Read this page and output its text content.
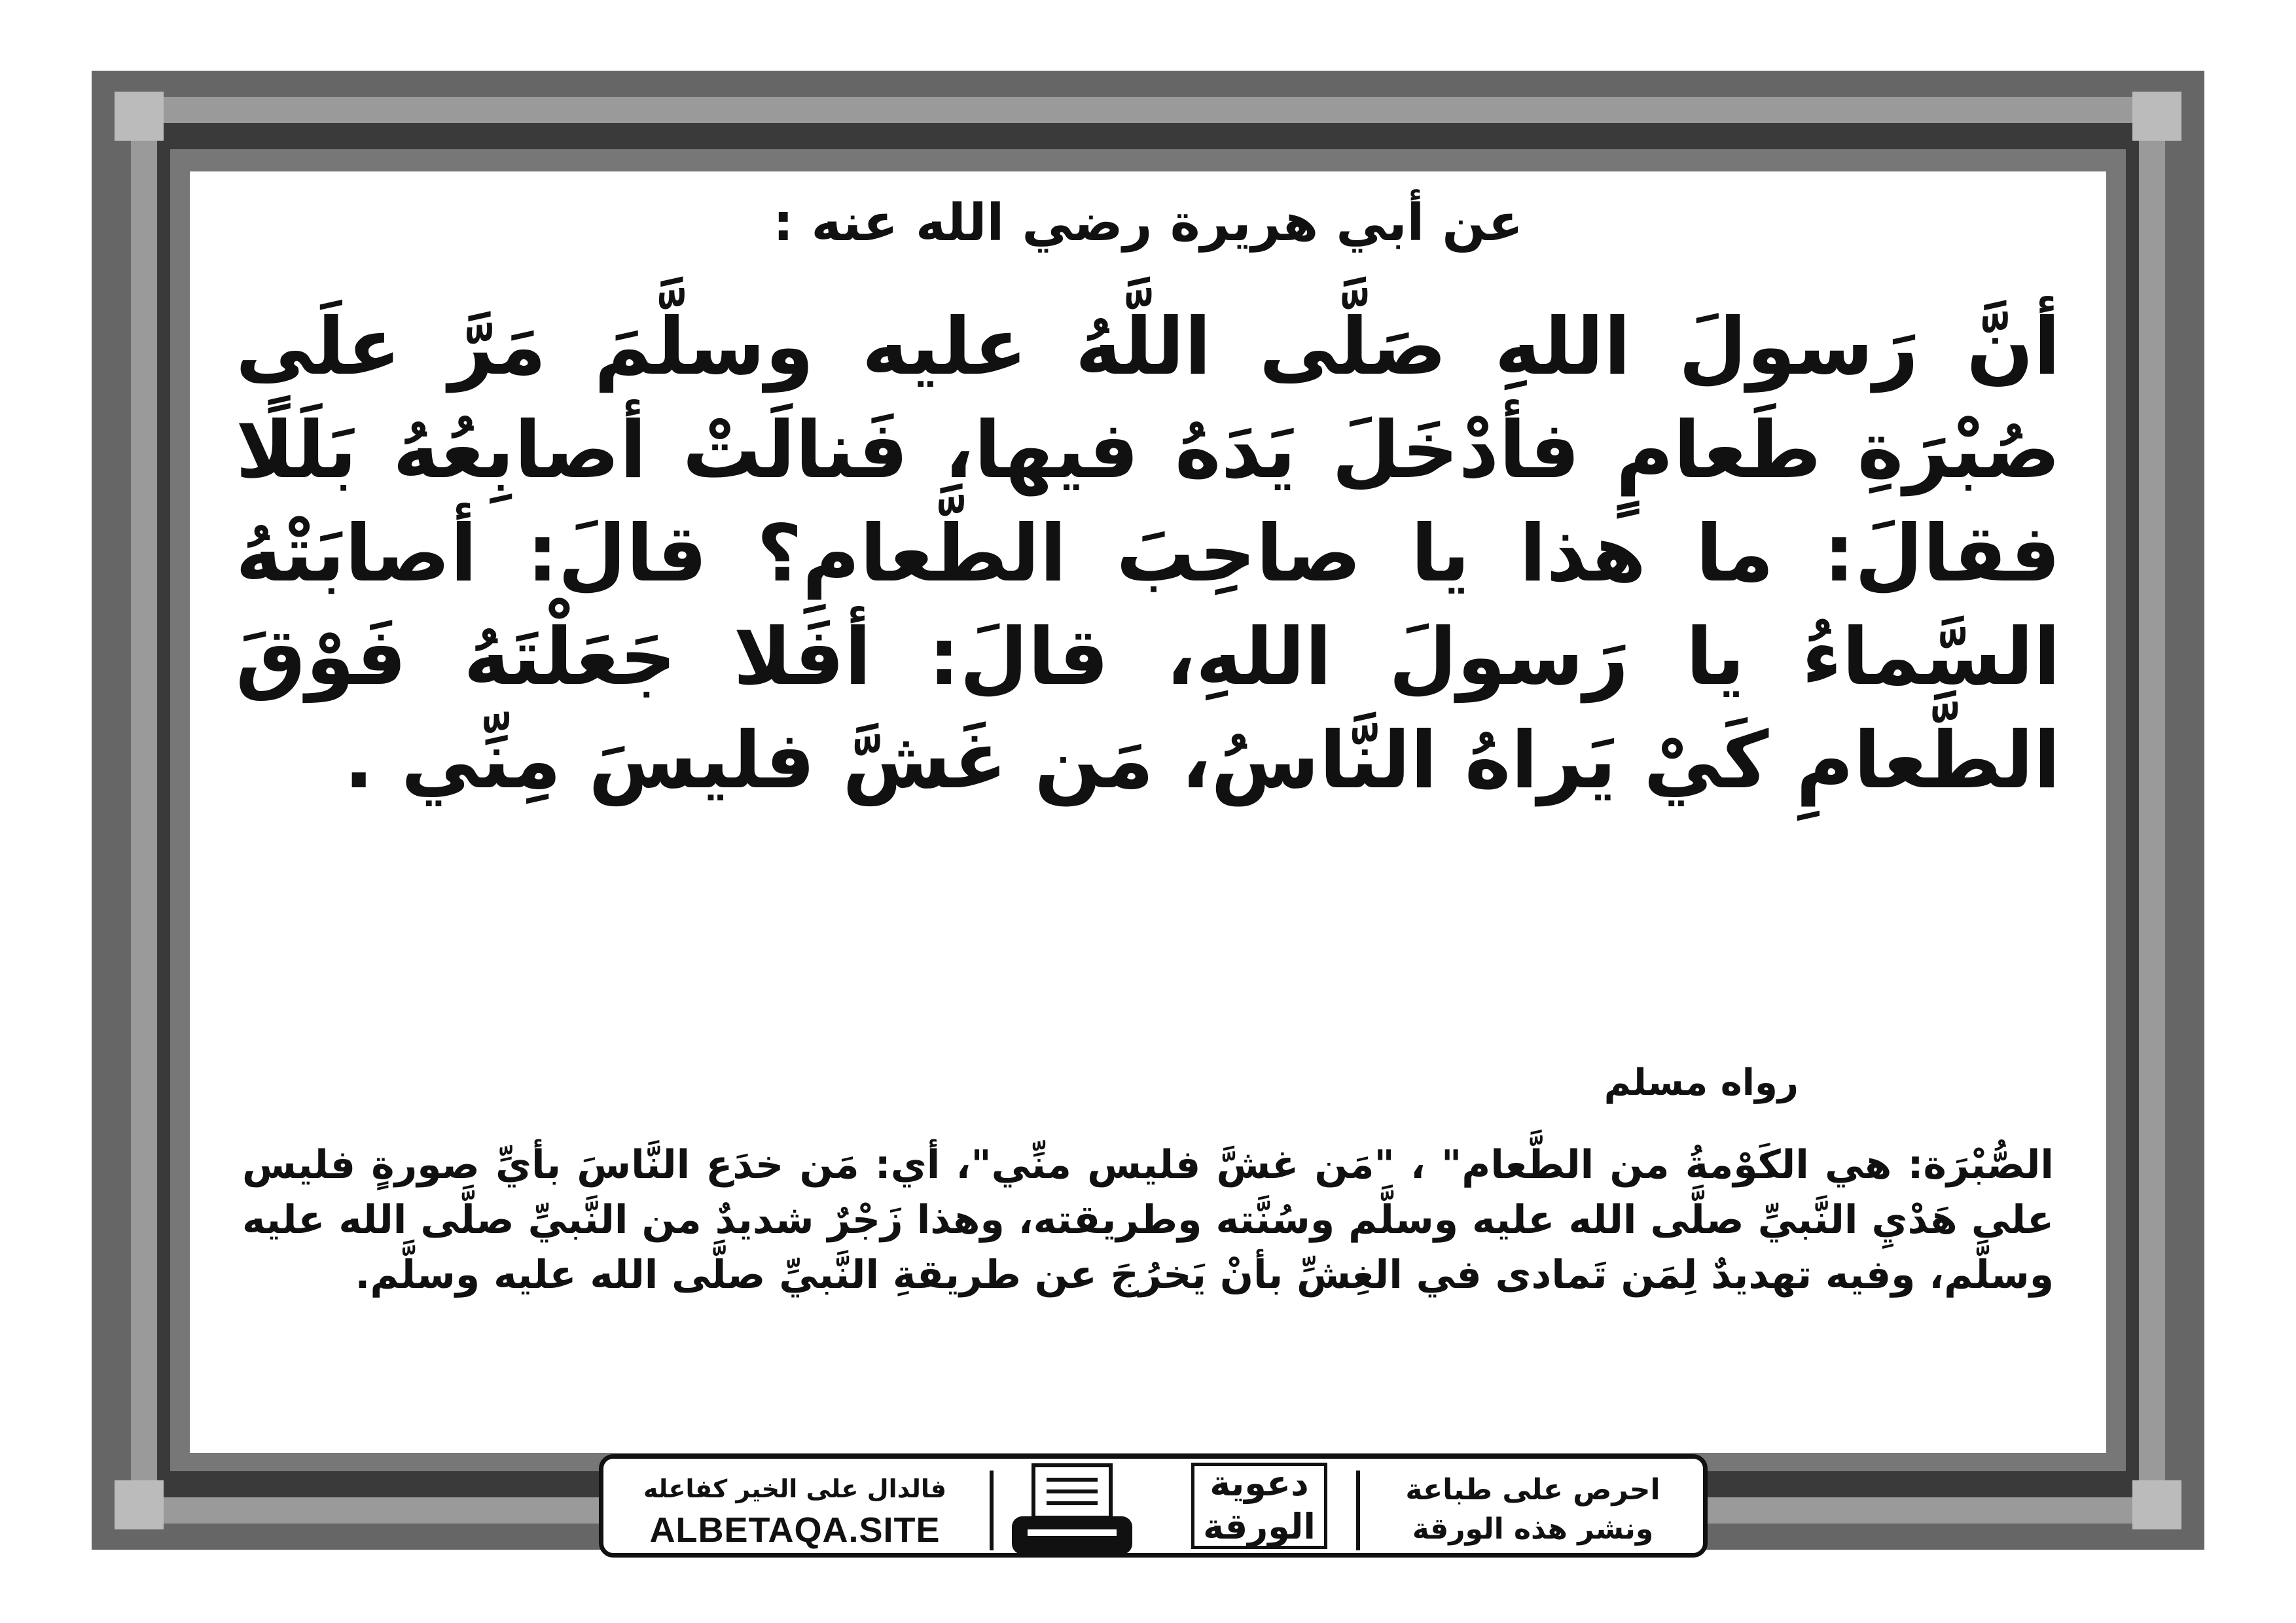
عن أبي هريرة رضي الله عنه :
أنَّ رَسولَ اللهِ صَلَّى اللَّهُ عليه وسلَّمَ مَرَّ علَى صُبْرَةِ طَعامٍ فأدْخَلَ يَدَهُ فيها، فَنالَتْ أصابِعُهُ بَلَلًا فقالَ: ما هذا يا صاحِبَ الطَّعامِ؟ قالَ: أصابَتْهُ السَّماءُ يا رَسولَ اللهِ، قالَ: أفَلا جَعَلْتَهُ فَوْقَ الطَّعامِ كَيْ يَراهُ النَّاسُ، مَن غَشَّ فليسَ مِنِّي .
رواه مسلم
الصُّبْرَة: هي الكَوْمةُ من الطَّعام" ، "مَن غشَّ فليس منِّي"، أي: مَن خدَع النَّاسَ بأيِّ صورةٍ فليس على هَدْيِ النَّبيِّ صلَّى الله عليه وسلَّم وسُنَّته وطريقته، وهذا زَجْرٌ شديدٌ من النَّبيِّ صلَّى الله عليه وسلَّم، وفيه تهديدٌ لِمَن تَمادى في الغِشِّ بأنْ يَخرُجَ عن طريقةِ النَّبيِّ صلَّى الله عليه وسلَّم.
احرص على طباعة
ونشر هذه الورقة
دعوية
الورقة
فالدال على الخير كفاعله
ALBETAQA.SITE
